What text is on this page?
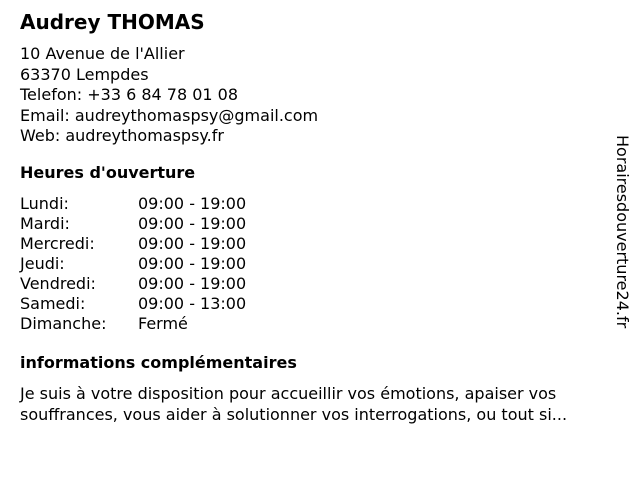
Audrey THOMAS
10 Avenue de l'Allier
63370 Lempdes
Telefon: +33 6 84 78 01 08
Email: audreythomaspsy@gmail.com
Web: audreythomaspsy.fr
Heures d'ouverture
Lundi:	09:00 - 19:00
Mardi:	09:00 - 19:00
Mercredi:	09:00 - 19:00
Jeudi:	09:00 - 19:00
Vendredi:	09:00 - 19:00
Samedi:	09:00 - 13:00
Dimanche:	Fermé
informations complémentaires
Je suis à votre disposition pour accueillir vos émotions, apaiser vos souffrances, vous aider à solutionner vos interrogations, ou tout si...
Horairesdouverture24.fr
